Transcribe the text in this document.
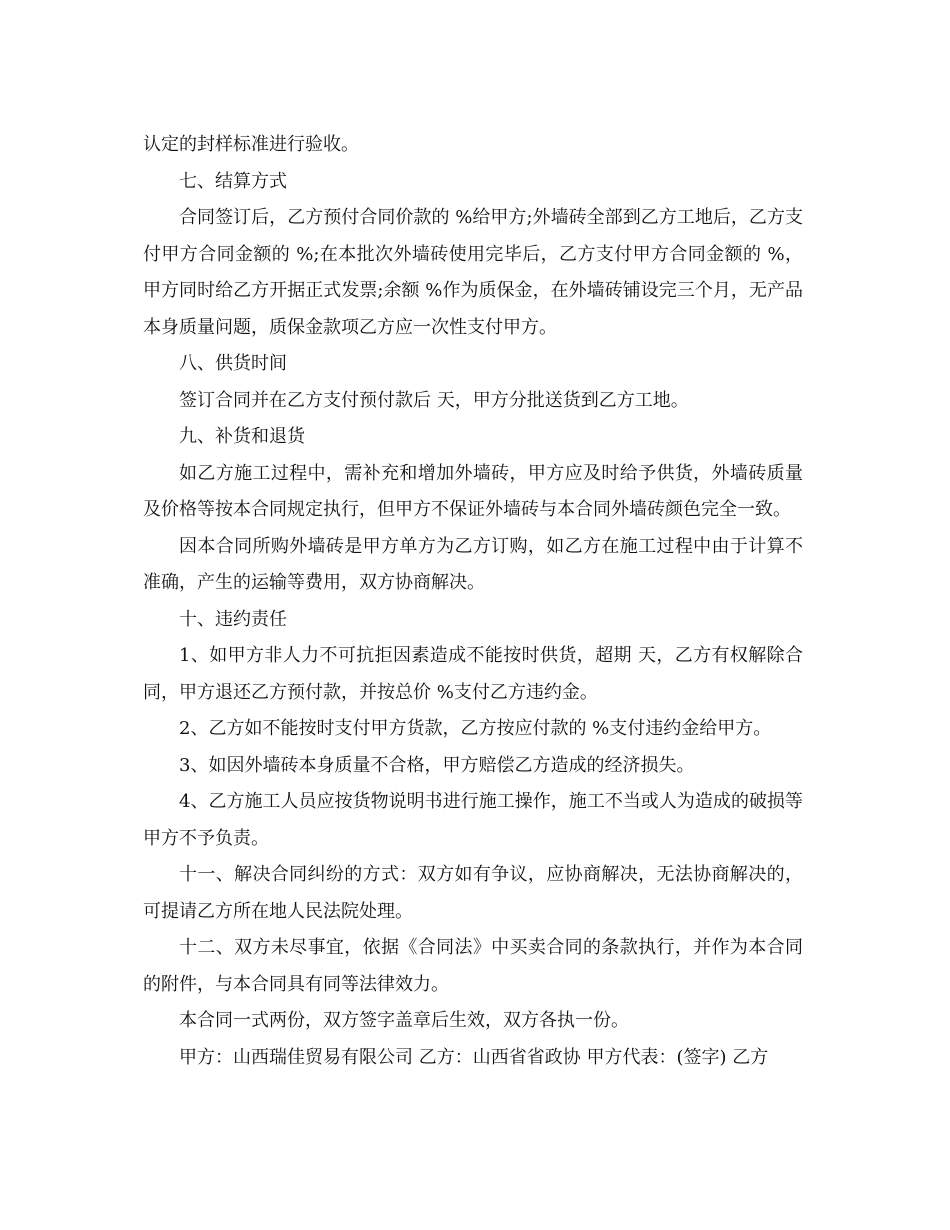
认定的封样标准进行验收。

七、结算方式

合同签订后，乙方预付合同价款的 %给甲方;外墙砖全部到乙方工地后，乙方支付甲方合同金额的 %;在本批次外墙砖使用完毕后，乙方支付甲方合同金额的 %，甲方同时给乙方开据正式发票;余额 %作为质保金，在外墙砖铺设完三个月，无产品本身质量问题，质保金款项乙方应一次性支付甲方。

八、供货时间

签订合同并在乙方支付预付款后 天，甲方分批送货到乙方工地。

九、补货和退货

如乙方施工过程中，需补充和增加外墙砖，甲方应及时给予供货，外墙砖质量及价格等按本合同规定执行，但甲方不保证外墙砖与本合同外墙砖颜色完全一致。

因本合同所购外墙砖是甲方单方为乙方订购，如乙方在施工过程中由于计算不准确，产生的运输等费用，双方协商解决。

十、违约责任

1、如甲方非人力不可抗拒因素造成不能按时供货，超期 天，乙方有权解除合同，甲方退还乙方预付款，并按总价 %支付乙方违约金。

2、乙方如不能按时支付甲方货款，乙方按应付款的 %支付违约金给甲方。

3、如因外墙砖本身质量不合格，甲方赔偿乙方造成的经济损失。

4、乙方施工人员应按货物说明书进行施工操作，施工不当或人为造成的破损等甲方不予负责。

十一、解决合同纠纷的方式：双方如有争议，应协商解决，无法协商解决的，可提请乙方所在地人民法院处理。

十二、双方未尽事宜，依据《合同法》中买卖合同的条款执行，并作为本合同的附件，与本合同具有同等法律效力。

本合同一式两份，双方签字盖章后生效，双方各执一份。

甲方：山西瑞佳贸易有限公司 乙方：山西省省政协 甲方代表：(签字) 乙方
